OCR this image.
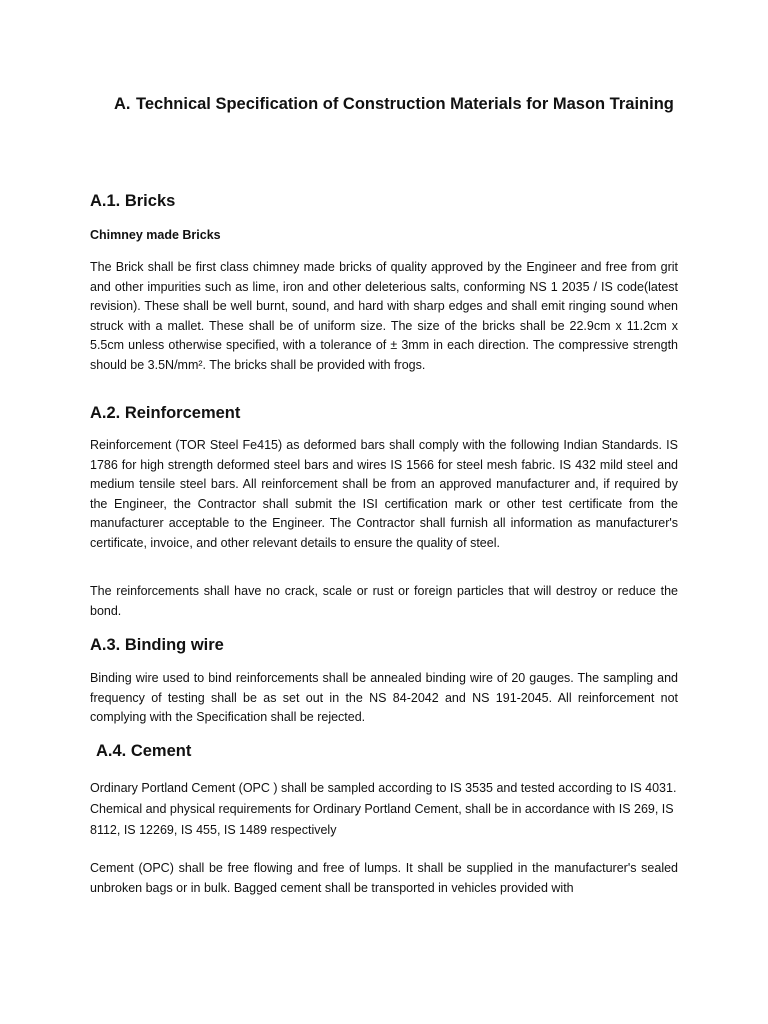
A. Technical Specification of Construction Materials for Mason Training
A.1. Bricks
Chimney made Bricks

The Brick shall be first class chimney made bricks of quality approved by the Engineer and free from grit and other impurities such as lime, iron and other deleterious salts, conforming NS 1 2035 / IS code(latest revision). These shall be well burnt, sound, and hard with sharp edges and shall emit ringing sound when struck with a mallet. These shall be of uniform size. The size of the bricks shall be 22.9cm x 11.2cm x 5.5cm unless otherwise specified, with a tolerance of ± 3mm in each direction. The compressive strength should be 3.5N/mm². The bricks shall be provided with frogs.

A.2. Reinforcement

Reinforcement (TOR Steel Fe415) as deformed bars shall comply with the following Indian Standards. IS 1786 for high strength deformed steel bars and wires IS 1566 for steel mesh fabric. IS 432 mild steel and medium tensile steel bars. All reinforcement shall be from an approved manufacturer and, if required by the Engineer, the Contractor shall submit the ISI certification mark or other test certificate from the manufacturer acceptable to the Engineer. The Contractor shall furnish all information as manufacturer's certificate, invoice, and other relevant details to ensure the quality of steel.

The reinforcements shall have no crack, scale or rust or foreign particles that will destroy or reduce the bond.

A.3. Binding wire

Binding wire used to bind reinforcements shall be annealed binding wire of 20 gauges. The sampling and frequency of testing shall be as set out in the NS 84-2042 and NS 191-2045. All reinforcement not complying with the Specification shall be rejected.

A.4. Cement

Ordinary Portland Cement (OPC ) shall be sampled according to IS 3535 and tested according to IS 4031. Chemical and physical requirements for Ordinary Portland Cement, shall be in accordance with IS 269, IS 8112, IS 12269, IS 455, IS 1489 respectively

Cement (OPC) shall be free flowing and free of lumps. It shall be supplied in the manufacturer's sealed unbroken bags or in bulk. Bagged cement shall be transported in vehicles provided with
